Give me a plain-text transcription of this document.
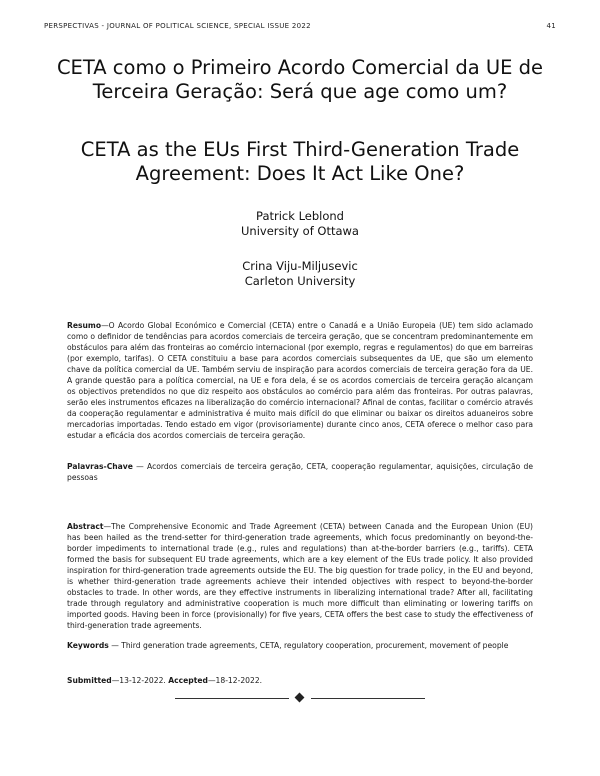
PERSPECTIVAS - JOURNAL OF POLITICAL SCIENCE, SPECIAL ISSUE 2022	41
CETA como o Primeiro Acordo Comercial da UE de Terceira Geração: Será que age como um?
CETA as the EUs First Third-Generation Trade Agreement: Does It Act Like One?
Patrick Leblond
University of Ottawa
Crina Viju-Miljusevic
Carleton University

Resumo—O Acordo Global Económico e Comercial (CETA) entre o Canadá e a União Europeia (UE) tem sido aclamado como o definidor de tendências para acordos comerciais de terceira geração, que se concentram predominantemente em obstáculos para além das fronteiras ao comércio internacional (por exemplo, regras e regulamentos) do que em barreiras (por exemplo, tarifas). O CETA constituiu a base para acordos comerciais subsequentes da UE, que são um elemento chave da política comercial da UE. Também serviu de inspiração para acordos comerciais de terceira geração fora da UE. A grande questão para a política comercial, na UE e fora dela, é se os acordos comerciais de terceira geração alcançam os objectivos pretendidos no que diz respeito aos obstáculos ao comércio para além das fronteiras. Por outras palavras, serão eles instrumentos eficazes na liberalização do comércio internacional? Afinal de contas, facilitar o comércio através da cooperação regulamentar e administrativa é muito mais difícil do que eliminar ou baixar os direitos aduaneiros sobre mercadorias importadas. Tendo estado em vigor (provisoriamente) durante cinco anos, CETA oferece o melhor caso para estudar a eficácia dos acordos comerciais de terceira geração.

Palavras-Chave — Acordos comerciais de terceira geração, CETA, cooperação regulamentar, aquisições, circulação de pessoas

Abstract—The Comprehensive Economic and Trade Agreement (CETA) between Canada and the European Union (EU) has been hailed as the trend-setter for third-generation trade agreements, which focus predominantly on beyond-the-border impediments to international trade (e.g., rules and regulations) than at-the-border barriers (e.g., tariffs). CETA formed the basis for subsequent EU trade agreements, which are a key element of the EUs trade policy. It also provided inspiration for third-generation trade agreements outside the EU. The big question for trade policy, in the EU and beyond, is whether third-generation trade agreements achieve their intended objectives with respect to beyond-the-border obstacles to trade. In other words, are they effective instruments in liberalizing international trade? After all, facilitating trade through regulatory and administrative cooperation is much more difficult than eliminating or lowering tariffs on imported goods. Having been in force (provisionally) for five years, CETA offers the best case to study the effectiveness of third-generation trade agreements.

Keywords — Third generation trade agreements, CETA, regulatory cooperation, procurement, movement of people

Submitted—13-12-2022. Accepted—18-12-2022.
